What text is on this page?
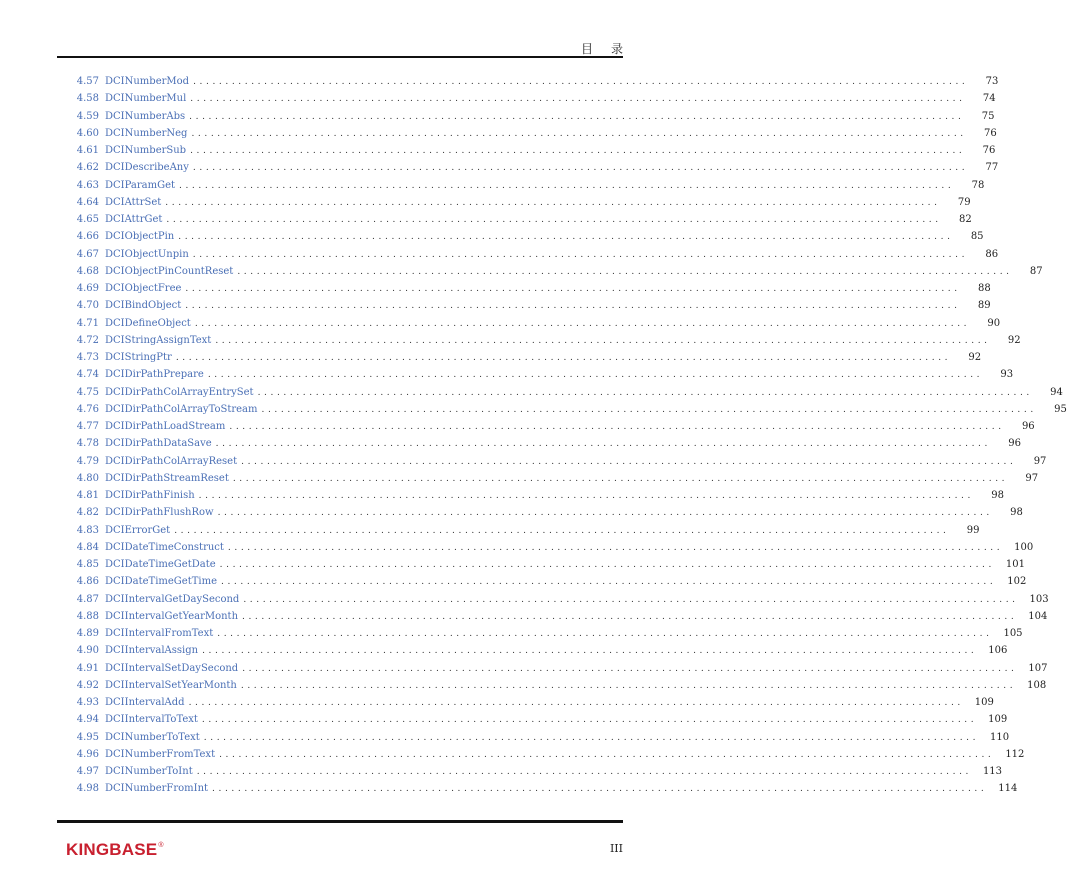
目录
4.57 DCINumberMod ........................................................................................................................	73
4.58 DCINumberMul ........................................................................................................................	74
4.59 DCINumberAbs ........................................................................................................................	75
4.60 DCINumberNeg ........................................................................................................................	76
4.61 DCINumberSub ........................................................................................................................	76
4.62 DCIDescribeAny ........................................................................................................................	77
4.63 DCIParamGet ........................................................................................................................	78
4.64 DCIAttrSet ........................................................................................................................	79
4.65 DCIAttrGet ........................................................................................................................	82
4.66 DCIObjectPin ........................................................................................................................	85
4.67 DCIObjectUnpin ........................................................................................................................	86
4.68 DCIObjectPinCountReset ........................................................................................................................	87
4.69 DCIObjectFree ........................................................................................................................	88
4.70 DCIBindObject ........................................................................................................................	89
4.71 DCIDefineObject ........................................................................................................................	90
4.72 DCIStringAssignText ........................................................................................................................	92
4.73 DCIStringPtr ........................................................................................................................	92
4.74 DCIDirPathPrepare ........................................................................................................................	93
4.75 DCIDirPathColArrayEntrySet ........................................................................................................................	94
4.76 DCIDirPathColArrayToStream ........................................................................................................................	95
4.77 DCIDirPathLoadStream ........................................................................................................................	96
4.78 DCIDirPathDataSave ........................................................................................................................	96
4.79 DCIDirPathColArrayReset ........................................................................................................................	97
4.80 DCIDirPathStreamReset ........................................................................................................................	97
4.81 DCIDirPathFinish ........................................................................................................................	98
4.82 DCIDirPathFlushRow ........................................................................................................................	98
4.83 DCIErrorGet ........................................................................................................................	99
4.84 DCIDateTimeConstruct ........................................................................................................................	100
4.85 DCIDateTimeGetDate ........................................................................................................................	101
4.86 DCIDateTimeGetTime ........................................................................................................................	102
4.87 DCIIntervalGetDaySecond ........................................................................................................................	103
4.88 DCIIntervalGetYearMonth ........................................................................................................................	104
4.89 DCIIntervalFromText ........................................................................................................................	105
4.90 DCIIntervalAssign ........................................................................................................................	106
4.91 DCIIntervalSetDaySecond ........................................................................................................................	107
4.92 DCIIntervalSetYearMonth ........................................................................................................................	108
4.93 DCIIntervalAdd ........................................................................................................................	109
4.94 DCIIntervalToText ........................................................................................................................	109
4.95 DCINumberToText ........................................................................................................................	110
4.96 DCINumberFromText ........................................................................................................................	112
4.97 DCINumberToInt ........................................................................................................................	113
4.98 DCINumberFromInt ........................................................................................................................	114
KINGBASE®	III
